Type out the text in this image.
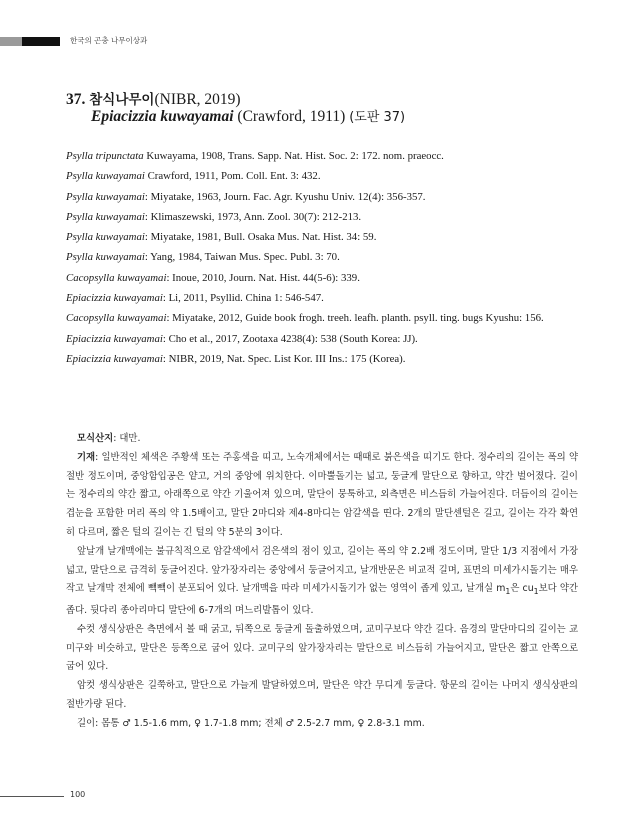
한국의 곤충 나무이상과
37. 참식나무이(NIBR, 2019)
Epiacizzia kuwayamai (Crawford, 1911) (도판 37)
Psylla tripunctata Kuwayama, 1908, Trans. Sapp. Nat. Hist. Soc. 2: 172. nom. praeocc.
Psylla kuwayamai Crawford, 1911, Pom. Coll. Ent. 3: 432.
Psylla kuwayamai: Miyatake, 1963, Journ. Fac. Agr. Kyushu Univ. 12(4): 356-357.
Psylla kuwayamai: Klimaszewski, 1973, Ann. Zool. 30(7): 212-213.
Psylla kuwayamai: Miyatake, 1981, Bull. Osaka Mus. Nat. Hist. 34: 59.
Psylla kuwayamai: Yang, 1984, Taiwan Mus. Spec. Publ. 3: 70.
Cacopsylla kuwayamai: Inoue, 2010, Journ. Nat. Hist. 44(5-6): 339.
Epiacizzia kuwayamai: Li, 2011, Psyllid. China 1: 546-547.
Cacopsylla kuwayamai: Miyatake, 2012, Guide book frogh. treeh. leafh. planth. psyll. ting. bugs Kyushu: 156.
Epiacizzia kuwayamai: Cho et al., 2017, Zootaxa 4238(4): 538 (South Korea: JJ).
Epiacizzia kuwayamai: NIBR, 2019, Nat. Spec. List Kor. III Ins.: 175 (Korea).

모식산지: 대만.

기재: 일반적인 체색은 주황색 또는 주홍색을 띠고, 노숙개체에서는 때때로 붉은색을 띠기도 한다. 정수리의 길이는 폭의 약 절반 정도이며, 중앙함입공은 얕고, 거의 중앙에 위치한다. 이마뿔돌기는 넓고, 둥글게 말단으로 향하고, 약간 벌어졌다. 길이는 정수리의 약간 짧고, 아래쪽으로 약간 기울어져 있으며, 말단이 뭉툭하고, 외측면은 비스듬히 가늘어진다. 더듬이의 길이는 겹눈을 포함한 머리 폭의 약 1.5배이고, 말단 2마디와 제4-8마디는 암갈색을 띤다. 2개의 말단센털은 길고, 길이는 각각 확연히 다르며, 짧은 털의 길이는 긴 털의 약 5분의 3이다.

앞날개 날개맥에는 불규칙적으로 암갈색에서 검은색의 점이 있고, 길이는 폭의 약 2.2배 정도이며, 말단 1/3 지점에서 가장 넓고, 말단으로 급격히 둥글어진다. 앞가장자리는 중앙에서 둥글어지고, 날개반문은 비교적 길며, 표면의 미세가시돌기는 매우 작고 날개막 전체에 빽빽이 분포되어 있다. 날개맥을 따라 미세가시돌기가 없는 영역이 좁게 있고, 날개실 $m_1$은 $cu_1$보다 약간 좁다. 뒷다리 종아리마디 말단에 6-7개의 며느리발톱이 있다.

수컷 생식상판은 측면에서 볼 때 굵고, 뒤쪽으로 둥글게 돌출하였으며, 교미구보다 약간 길다. 음경의 말단마디의 길이는 교미구와 비슷하고, 말단은 등쪽으로 굽어 있다. 교미구의 앞가장자리는 말단으로 비스듬히 가늘어지고, 말단은 짧고 안쪽으로 굽어 있다.

암컷 생식상판은 길쭉하고, 말단으로 가늘게 발달하였으며, 말단은 약간 무디게 둥글다. 항문의 길이는 나머지 생식상판의 절반가량 된다.

길이: 몸통 ♂ 1.5-1.6 mm, ♀ 1.7-1.8 mm; 전체 ♂ 2.5-2.7 mm, ♀ 2.8-3.1 mm.

100
